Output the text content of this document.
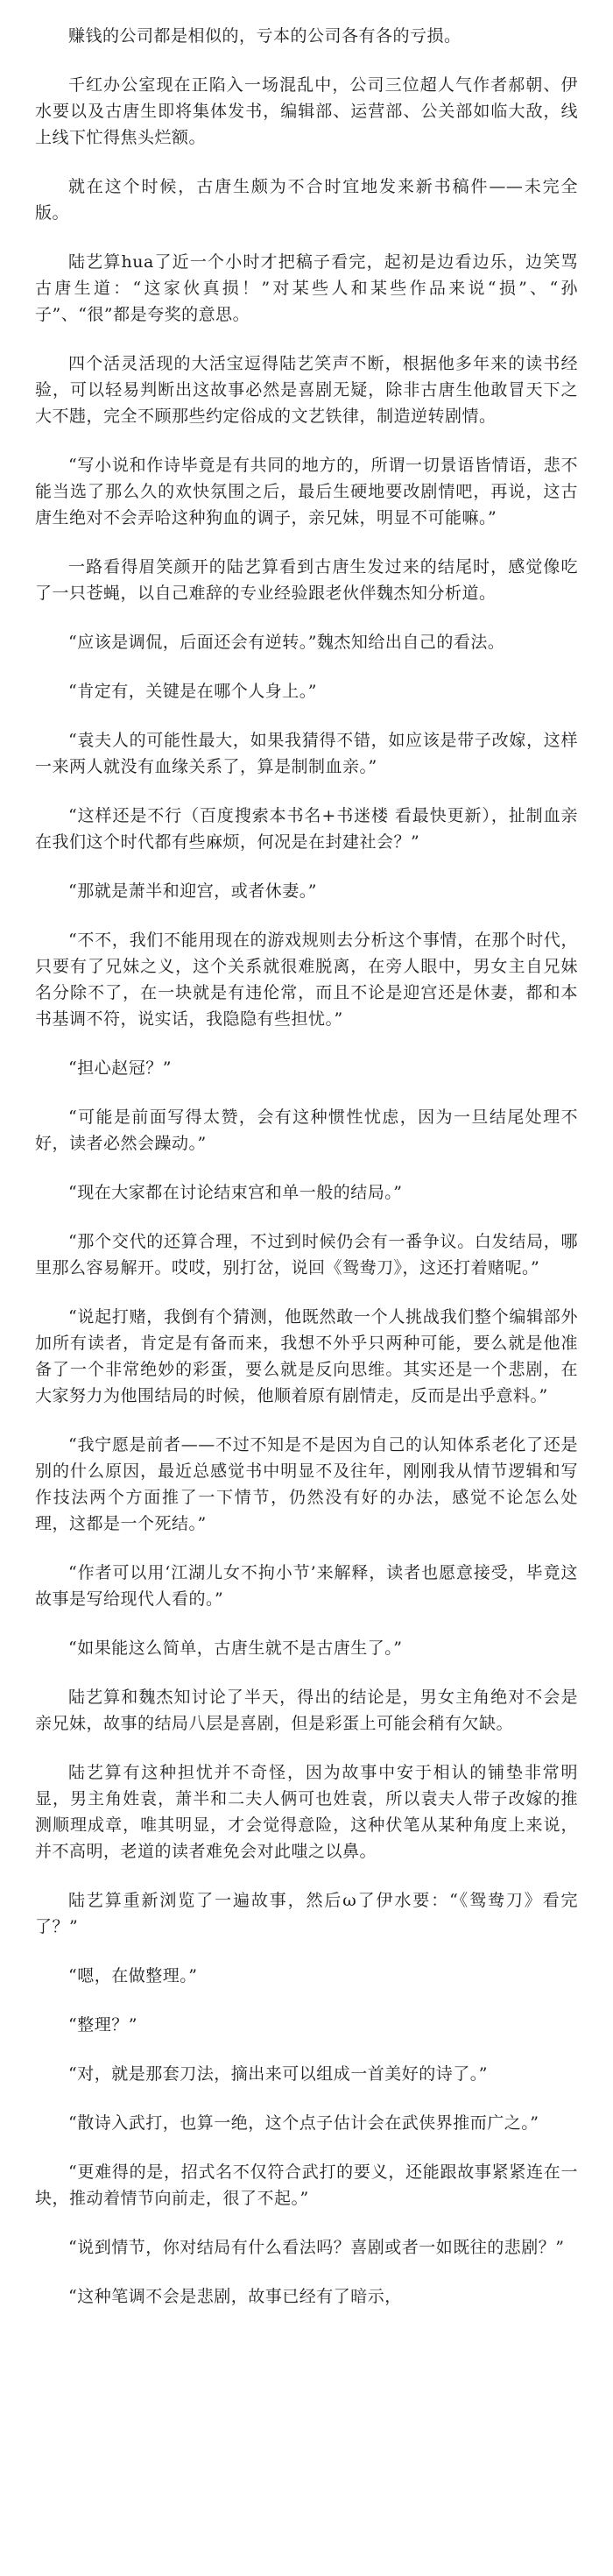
赚钱的公司都是相似的，亏本的公司各有各的亏损。

千红办公室现在正陷入一场混乱中，公司三位超人气作者郝朝、伊水要以及古唐生即将集体发书，编辑部、运营部、公关部如临大敌，线上线下忙得焦头烂额。

就在这个时候，古唐生颇为不合时宜地发来新书稿件——未完全版。

陆艺算hua了近一个小时才把稿子看完，起初是边看边乐，边笑骂古唐生道：“这家伙真损！”对某些人和某些作品来说“损”、“孙子”、“很”都是夸奖的意思。

四个活灵活现的大活宝逗得陆艺笑声不断，根据他多年来的读书经验，可以轻易判断出这故事必然是喜剧无疑，除非古唐生他敢冒天下之大不韪，完全不顾那些约定俗成的文艺铁律，制造逆转剧情。

“写小说和作诗毕竟是有共同的地方的，所谓一切景语皆情语，悲不能当选了那么久的欢快氛围之后，最后生硬地要改剧情吧，再说，这古唐生绝对不会弄哈这种狗血的调子，亲兄妹，明显不可能嘛。”

一路看得眉笑颜开的陆艺算看到古唐生发过来的结尾时，感觉像吃了一只苍蝇，以自己难辞的专业经验跟老伙伴魏杰知分析道。

“应该是调侃，后面还会有逆转。”魏杰知给出自己的看法。

“肯定有，关键是在哪个人身上。”

“袁夫人的可能性最大，如果我猜得不错，如应该是带子改嫁，这样一来两人就没有血缘关系了，算是制制血亲。”

“这样还是不行（百度搜索本书名+书迷楼 看最快更新），扯制血亲在我们这个时代都有些麻烦，何况是在封建社会？”

“那就是萧半和迎宫，或者休妻。”

“不不，我们不能用现在的游戏规则去分析这个事情，在那个时代，只要有了兄妹之义，这个关系就很难脱离，在旁人眼中，男女主自兄妹名分除不了，在一块就是有违伦常，而且不论是迎宫还是休妻，都和本书基调不符，说实话，我隐隐有些担忧。”

“担心赵冠？”

“可能是前面写得太赞，会有这种惯性忧虑，因为一旦结尾处理不好，读者必然会躁动。”

“现在大家都在讨论结束宫和单一般的结局。”

“那个交代的还算合理，不过到时候仍会有一番争议。白发结局，哪里那么容易解开。哎哎，别打岔，说回《鸳鸯刀》，这还打着赌呢。”

“说起打赌，我倒有个猜测，他既然敢一个人挑战我们整个编辑部外加所有读者，肯定是有备而来，我想不外乎只两种可能，要么就是他准备了一个非常绝妙的彩蛋，要么就是反向思维。其实还是一个悲剧，在大家努力为他围结局的时候，他顺着原有剧情走，反而是出乎意料。”

“我宁愿是前者——不过不知是不是因为自己的认知体系老化了还是别的什么原因，最近总感觉书中明显不及往年，刚刚我从情节逻辑和写作技法两个方面推了一下情节，仍然没有好的办法，感觉不论怎么处理，这都是一个死结。”

“作者可以用‘江湖儿女不拘小节’来解释，读者也愿意接受，毕竟这故事是写给现代人看的。”

“如果能这么简单，古唐生就不是古唐生了。”

陆艺算和魏杰知讨论了半天，得出的结论是，男女主角绝对不会是亲兄妹，故事的结局八层是喜剧，但是彩蛋上可能会稍有欠缺。

陆艺算有这种担忧并不奇怪，因为故事中安于相认的铺垫非常明显，男主角姓袁，萧半和二夫人俩可也姓袁，所以袁夫人带子改嫁的推测顺理成章，唯其明显，才会觉得意险，这种伏笔从某种角度上来说，并不高明，老道的读者难免会对此嗤之以鼻。

陆艺算重新浏览了一遍故事，然后ω了伊水要：“《鸳鸯刀》看完了？”

“嗯，在做整理。”

“整理？”

“对，就是那套刀法，摘出来可以组成一首美好的诗了。”

“散诗入武打，也算一绝，这个点子估计会在武侠界推而广之。”

“更难得的是，招式名不仅符合武打的要义，还能跟故事紧紧连在一块，推动着情节向前走，很了不起。”

“说到情节，你对结局有什么看法吗？喜剧或者一如既往的悲剧？”

“这种笔调不会是悲剧，故事已经有了暗示，
